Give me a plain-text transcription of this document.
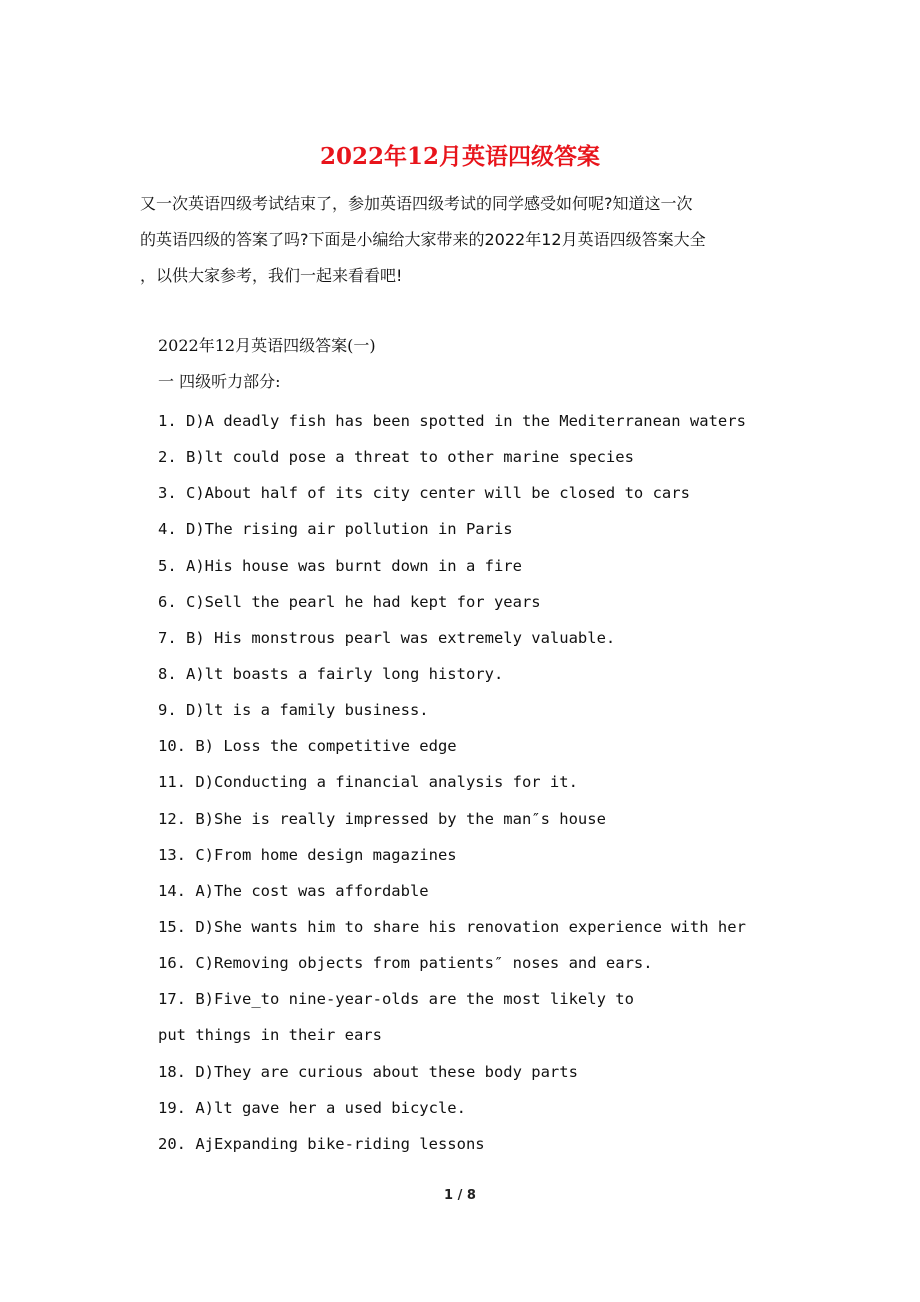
2022年12月英语四级答案
又一次英语四级考试结束了，参加英语四级考试的同学感受如何呢?知道这一次
的英语四级的答案了吗?下面是小编给大家带来的2022年12月英语四级答案大全
，以供大家参考，我们一起来看看吧!
2022年12月英语四级答案(一)
一 四级听力部分:
1. D)A deadly fish has been spotted in the Mediterranean waters
2. B)lt could pose a threat to other marine species
3. C)About half of its city center will be closed to cars
4. D)The rising air pollution in Paris
5. A)His house was burnt down in a fire
6. C)Sell the pearl he had kept for years
7. B) His monstrous pearl was extremely valuable.
8. A)lt boasts a fairly long history.
9. D)lt is a family business.
10. B) Loss the competitive edge
11. D)Conducting a financial analysis for it.
12. B)She is really impressed by the man″s house
13. C)From home design magazines
14. A)The cost was affordable
15. D)She wants him to share his renovation experience with her
16. C)Removing objects from patients″ noses and ears.
17. B)Five_to nine-year-olds are the most likely to
put things in their ears
18. D)They are curious about these body parts
19. A)lt gave her a used bicycle.
20. AjExpanding bike-riding lessons
1 / 8
